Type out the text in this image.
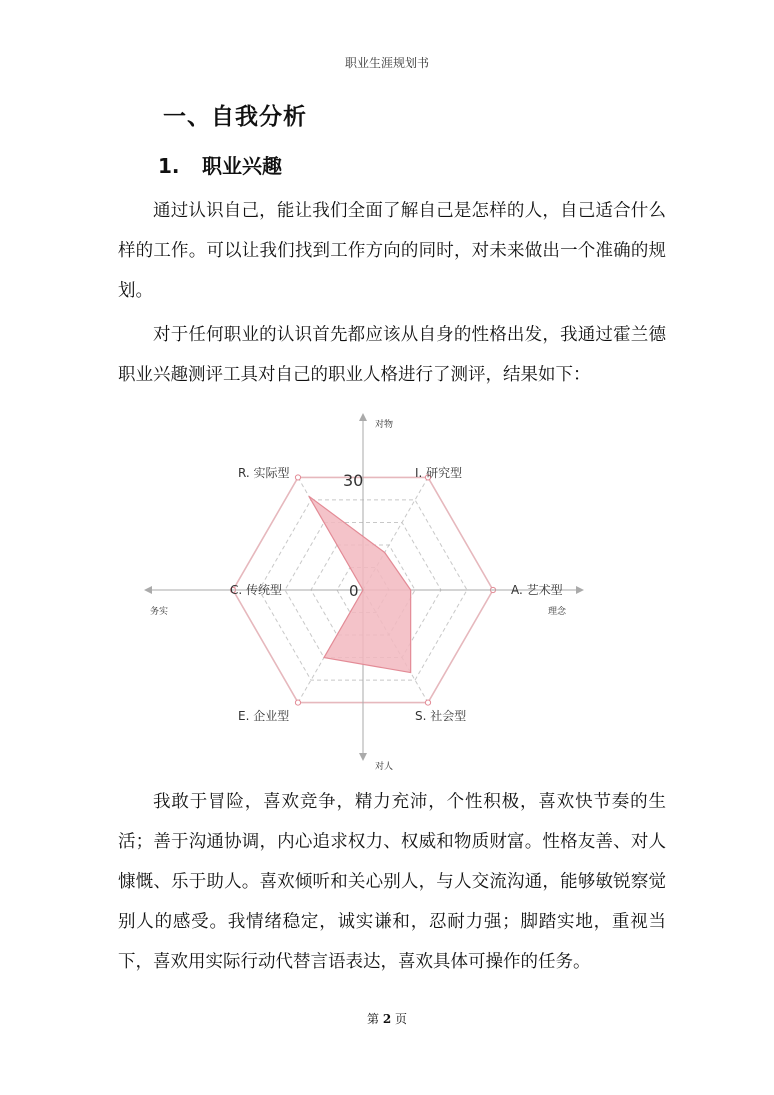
职业生涯规划书
一、自我分析
1. 职业兴趣

通过认识自己，能让我们全面了解自己是怎样的人，自己适合什么样的工作。可以让我们找到工作方向的同时，对未来做出一个准确的规划。

对于任何职业的认识首先都应该从自身的性格出发，我通过霍兰德职业兴趣测评工具对自己的职业人格进行了测评，结果如下：

R. 实际型	I. 研究型
A. 艺术型
S. 社会型
E. 企业型
C. 传统型
30
0
对物
对人
务实	理念

我敢于冒险，喜欢竞争，精力充沛，个性积极，喜欢快节奏的生活；善于沟通协调，内心追求权力、权威和物质财富。性格友善、对人慷慨、乐于助人。喜欢倾听和关心别人，与人交流沟通，能够敏锐察觉别人的感受。我情绪稳定，诚实谦和，忍耐力强；脚踏实地，重视当下，喜欢用实际行动代替言语表达，喜欢具体可操作的任务。

第 2 页
